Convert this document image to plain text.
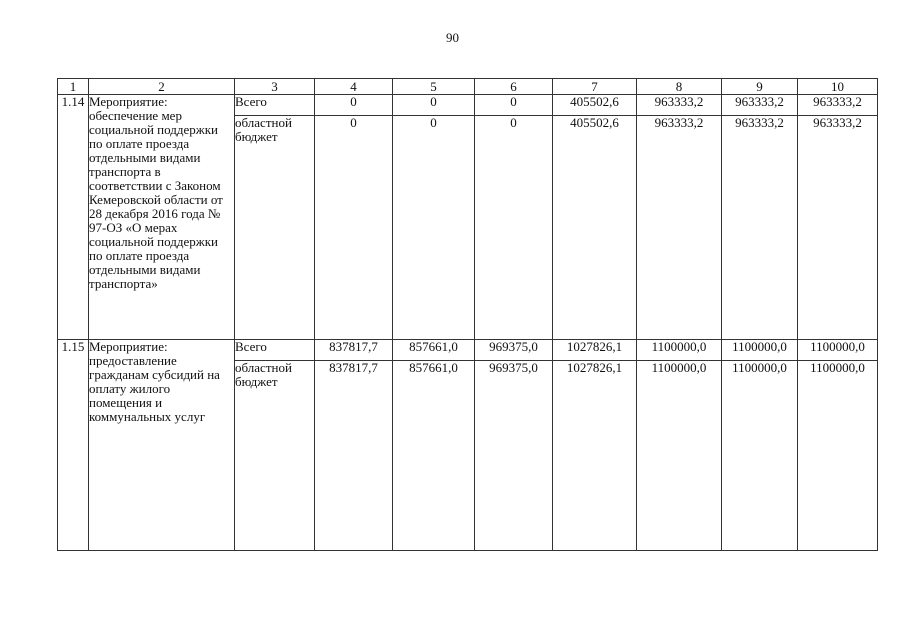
90
1	2	3	4	5	6	7	8	9	10
1.14	Мероприятие: обеспечение мер социальной поддержки по оплате проезда отдельными видами транспорта в соответствии с Законом Кемеровской области от 28 декабря 2016 года № 97-ОЗ «О мерах социальной поддержки по оплате проезда отдельными видами транспорта»	Всего	0	0	0	405502,6	963333,2	963333,2	963333,2
		областной бюджет	0	0	0	405502,6	963333,2	963333,2	963333,2
1.15	Мероприятие: предоставление гражданам субсидий на оплату жилого помещения и коммунальных услуг	Всего	837817,7	857661,0	969375,0	1027826,1	1100000,0	1100000,0	1100000,0
		областной бюджет	837817,7	857661,0	969375,0	1027826,1	1100000,0	1100000,0	1100000,0
